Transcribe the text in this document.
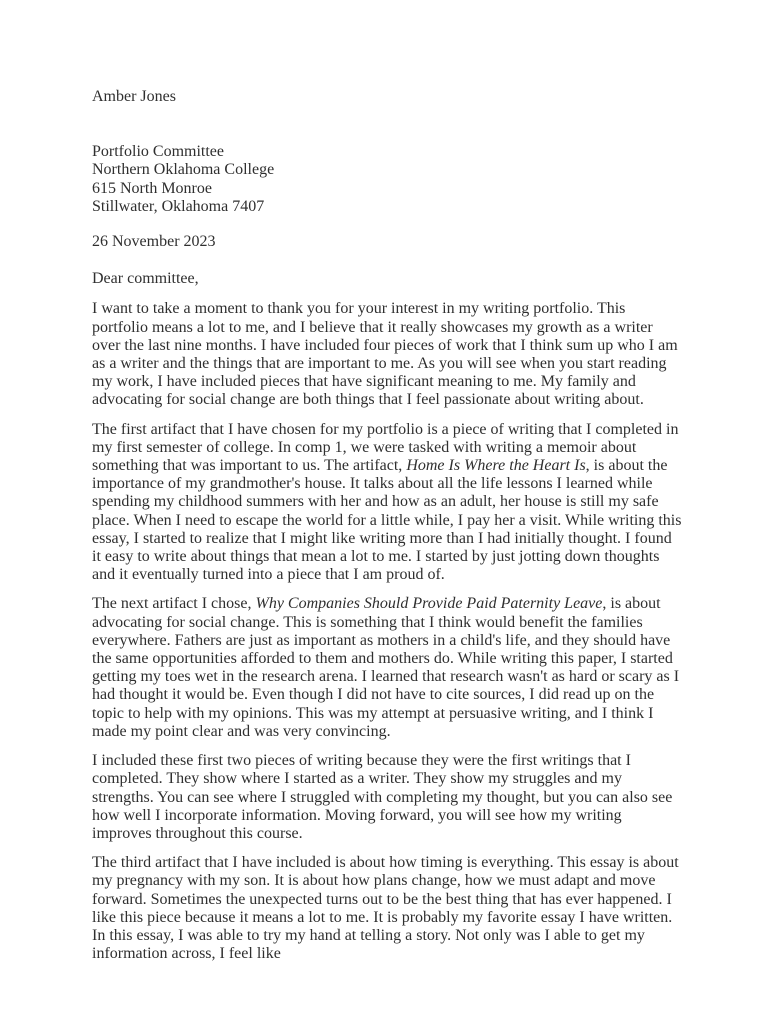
Amber Jones
Portfolio Committee
Northern Oklahoma College
615 North Monroe
Stillwater, Oklahoma 7407
26 November 2023
Dear committee,

I want to take a moment to thank you for your interest in my writing portfolio. This portfolio means a lot to me, and I believe that it really showcases my growth as a writer over the last nine months. I have included four pieces of work that I think sum up who I am as a writer and the things that are important to me. As you will see when you start reading my work, I have included pieces that have significant meaning to me. My family and advocating for social change are both things that I feel passionate about writing about.

The first artifact that I have chosen for my portfolio is a piece of writing that I completed in my first semester of college. In comp 1, we were tasked with writing a memoir about something that was important to us. The artifact, Home Is Where the Heart Is, is about the importance of my grandmother's house. It talks about all the life lessons I learned while spending my childhood summers with her and how as an adult, her house is still my safe place. When I need to escape the world for a little while, I pay her a visit. While writing this essay, I started to realize that I might like writing more than I had initially thought. I found it easy to write about things that mean a lot to me. I started by just jotting down thoughts and it eventually turned into a piece that I am proud of.

The next artifact I chose, Why Companies Should Provide Paid Paternity Leave, is about advocating for social change. This is something that I think would benefit the families everywhere. Fathers are just as important as mothers in a child's life, and they should have the same opportunities afforded to them and mothers do. While writing this paper, I started getting my toes wet in the research arena. I learned that research wasn't as hard or scary as I had thought it would be. Even though I did not have to cite sources, I did read up on the topic to help with my opinions. This was my attempt at persuasive writing, and I think I made my point clear and was very convincing.

I included these first two pieces of writing because they were the first writings that I completed. They show where I started as a writer. They show my struggles and my strengths. You can see where I struggled with completing my thought, but you can also see how well I incorporate information. Moving forward, you will see how my writing improves throughout this course.

The third artifact that I have included is about how timing is everything. This essay is about my pregnancy with my son. It is about how plans change, how we must adapt and move forward. Sometimes the unexpected turns out to be the best thing that has ever happened. I like this piece because it means a lot to me. It is probably my favorite essay I have written. In this essay, I was able to try my hand at telling a story. Not only was I able to get my information across, I feel like
